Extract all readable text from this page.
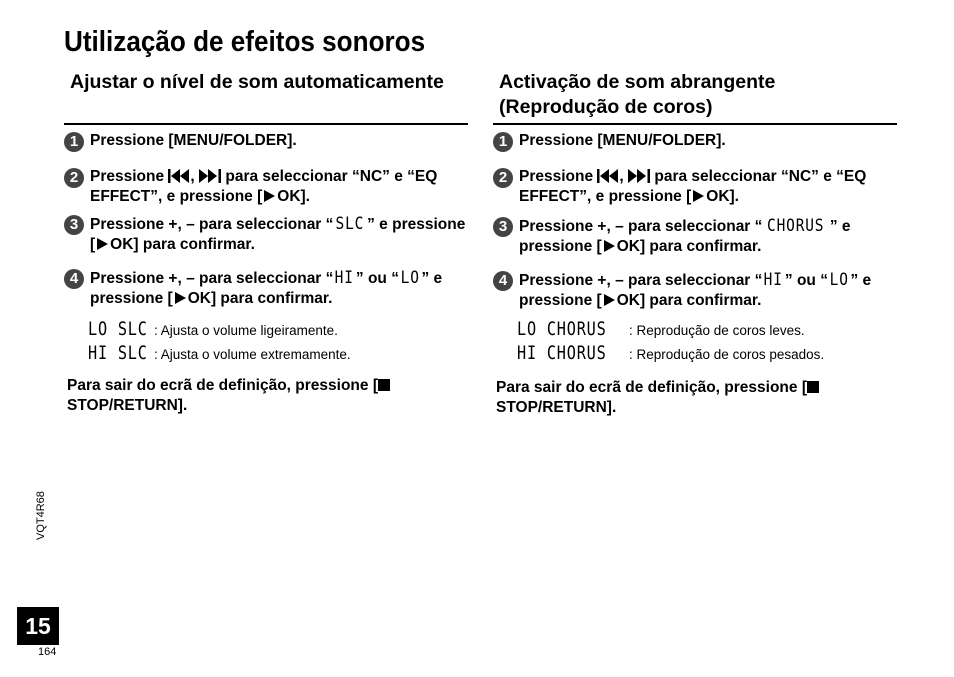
Utilização de efeitos sonoros
Ajustar o nível de som automaticamente
1 Pressione [MENU/FOLDER].
2 Pressione ,  para seleccionar “NC” e “EQ EFFECT”, e pressione [ OK].
3 Pressione +, – para seleccionar “ SLC ” e pressione [ OK] para confirmar.
4 Pressione +, – para seleccionar “HI ” ou “LO ” e pressione [ OK] para confirmar.
LO SLC : Ajusta o volume ligeiramente.
HI SLC : Ajusta o volume extremamente.
Para sair do ecrã de definição, pressione [ STOP/RETURN].
Activação de som abrangente (Reprodução de coros)
1 Pressione [MENU/FOLDER].
2 Pressione ,  para seleccionar “NC” e “EQ EFFECT”, e pressione [ OK].
3 Pressione +, – para seleccionar “ CHORUS ” e pressione [ OK] para confirmar.
4 Pressione +, – para seleccionar “HI ” ou “LO ” e pressione [ OK] para confirmar.
LO CHORUS : Reprodução de coros leves.
HI CHORUS : Reprodução de coros pesados.
Para sair do ecrã de definição, pressione [ STOP/RETURN].
VQT4R68
15
164
